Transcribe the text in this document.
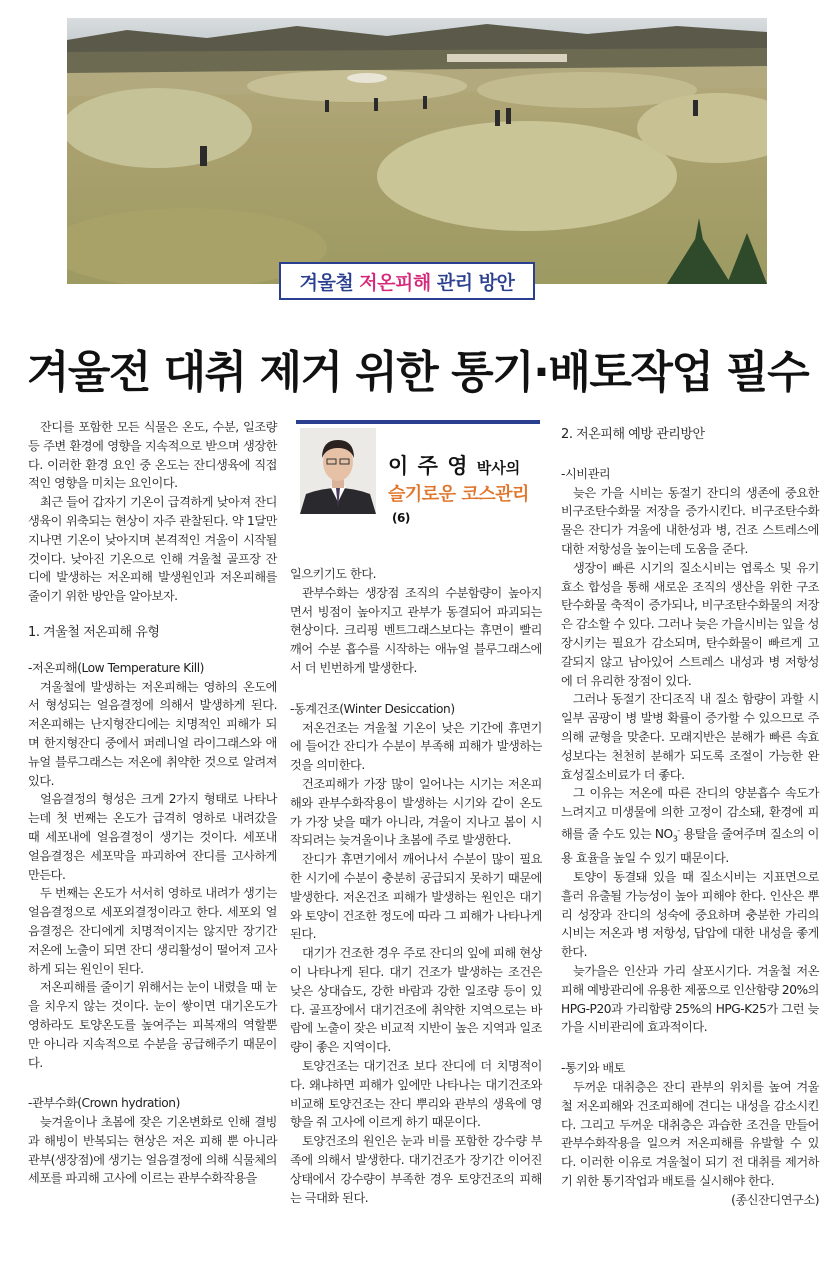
겨울철
저온피해
관리 방안
겨울전 대취 제거 위한 통기·배토작업 필수

잔디를 포함한 모든 식물은 온도, 수분, 일조량 등 주변 환경에 영향을 지속적으로 받으며 생장한다. 이러한 환경 요인 중 온도는 잔디생육에 직접적인 영향을 미치는 요인이다.

최근 들어 갑자기 기온이 급격하게 낮아져 잔디생육이 위축되는 현상이 자주 관찰된다. 약 1달만 지나면 기온이 낮아지며 본격적인 겨울이 시작될 것이다. 낮아진 기온으로 인해 겨울철 골프장 잔디에 발생하는 저온피해 발생원인과 저온피해를 줄이기 위한 방안을 알아보자.

1. 겨울철 저온피해 유형

-저온피해(Low Temperature Kill)

겨울철에 발생하는 저온피해는 영하의 온도에서 형성되는 얼음결정에 의해서 발생하게 된다. 저온피해는 난지형잔디에는 치명적인 피해가 되며 한지형잔디 중에서 퍼레니얼 라이그래스와 애뉴얼 블루그래스는 저온에 취약한 것으로 알려져 있다.

얼음결정의 형성은 크게 2가지 형태로 나타나는데 첫 번째는 온도가 급격히 영하로 내려갔을 때 세포내에 얼음결정이 생기는 것이다. 세포내 얼음결정은 세포막을 파괴하여 잔디를 고사하게 만든다.

두 번째는 온도가 서서히 영하로 내려가 생기는 얼음결정으로 세포외결정이라고 한다. 세포외 얼음결정은 잔디에게 치명적이지는 않지만 장기간 저온에 노출이 되면 잔디 생리활성이 떨어져 고사하게 되는 원인이 된다.

저온피해를 줄이기 위해서는 눈이 내렸을 때 눈을 치우지 않는 것이다. 눈이 쌓이면 대기온도가 영하라도 토양온도를 높여주는 피복재의 역할뿐만 아니라 지속적으로 수분을 공급해주기 때문이다.

-관부수화(Crown hydration)

늦겨울이나 초봄에 잦은 기온변화로 인해 결빙과 해빙이 반복되는 현상은 저온 피해 뿐 아니라 관부(생장점)에 생기는 얼음결정에 의해 식물체의 세포를 파괴해 고사에 이르는 관부수화작용을

이 주 영 박사의
슬기로운 코스관리(6)

일으키기도 한다.

관부수화는 생장점 조직의 수분함량이 높아지면서 빙점이 높아지고 관부가 동결되어 파괴되는 현상이다. 크리핑 벤트그래스보다는 휴면이 빨리 깨어 수분 흡수를 시작하는 애뉴얼 블루그래스에서 더 빈번하게 발생한다.

-동계건조(Winter Desiccation)

저온건조는 겨울철 기온이 낮은 기간에 휴면기에 들어간 잔디가 수분이 부족해 피해가 발생하는 것을 의미한다.

건조피해가 가장 많이 일어나는 시기는 저온피해와 관부수화작용이 발생하는 시기와 같이 온도가 가장 낮을 때가 아니라, 겨울이 지나고 봄이 시작되려는 늦겨울이나 초봄에 주로 발생한다.

잔디가 휴면기에서 깨어나서 수분이 많이 필요한 시기에 수분이 충분히 공급되지 못하기 때문에 발생한다. 저온건조 피해가 발생하는 원인은 대기와 토양이 건조한 정도에 따라 그 피해가 나타나게 된다.

대기가 건조한 경우 주로 잔디의 잎에 피해 현상이 나타나게 된다. 대기 건조가 발생하는 조건은 낮은 상대습도, 강한 바람과 강한 일조량 등이 있다. 골프장에서 대기건조에 취약한 지역으로는 바람에 노출이 잦은 비교적 지반이 높은 지역과 일조량이 좋은 지역이다.

토양건조는 대기건조 보다 잔디에 더 치명적이다. 왜냐하면 피해가 잎에만 나타나는 대기건조와 비교해 토양건조는 잔디 뿌리와 관부의 생육에 영향을 줘 고사에 이르게 하기 때문이다.

토양건조의 원인은 눈과 비를 포함한 강수량 부족에 의해서 발생한다. 대기건조가 장기간 이어진 상태에서 강수량이 부족한 경우 토양건조의 피해는 극대화 된다.

2. 저온피해 예방 관리방안

-시비관리

늦은 가을 시비는 동절기 잔디의 생존에 중요한 비구조탄수화물 저장을 증가시킨다. 비구조탄수화물은 잔디가 겨울에 내한성과 병, 건조 스트레스에 대한 저항성을 높이는데 도움을 준다.

생장이 빠른 시기의 질소시비는 엽록소 및 유기효소 합성을 통해 새로운 조직의 생산을 위한 구조탄수화물 축적이 증가되나, 비구조탄수화물의 저장은 감소할 수 있다. 그러나 늦은 가을시비는 잎을 성장시키는 필요가 감소되며, 탄수화물이 빠르게 고갈되지 않고 남아있어 스트레스 내성과 병 저항성에 더 유리한 장점이 있다.

그러나 동절기 잔디조직 내 질소 함량이 과할 시 일부 곰팡이 병 발병 확률이 증가할 수 있으므로 주의해 균형을 맞춘다. 모래지반은 분해가 빠른 속효성보다는 천천히 분해가 되도록 조절이 가능한 완효성질소비료가 더 좋다.

그 이유는 저온에 따른 잔디의 양분흡수 속도가 느려지고 미생물에 의한 고정이 감소돼, 환경에 피해를 줄 수도 있는 $NO_3^-$ 용탈을 줄여주며 질소의 이용 효율을 높일 수 있기 때문이다.

토양이 동결돼 있을 때 질소시비는 지표면으로 흘러 유출될 가능성이 높아 피해야 한다. 인산은 뿌리 성장과 잔디의 성숙에 중요하며 충분한 가리의 시비는 저온과 병 저항성, 답압에 대한 내성을 좋게 한다.

늦가을은 인산과 가리 살포시기다. 겨울철 저온피해 예방관리에 유용한 제품으로 인산함량 20%의 HPG-P20과 가리함량 25%의 HPG-K25가 그런 늦가을 시비관리에 효과적이다.

-통기와 배토

두꺼운 대취층은 잔디 관부의 위치를 높여 겨울철 저온피해와 건조피해에 견디는 내성을 감소시킨다. 그리고 두꺼운 대취층은 과습한 조건을 만들어 관부수화작용을 일으켜 저온피해를 유발할 수 있다. 이러한 이유로 겨울철이 되기 전 대취를 제거하기 위한 통기작업과 배토를 실시해야 한다.

(종신잔디연구소)
